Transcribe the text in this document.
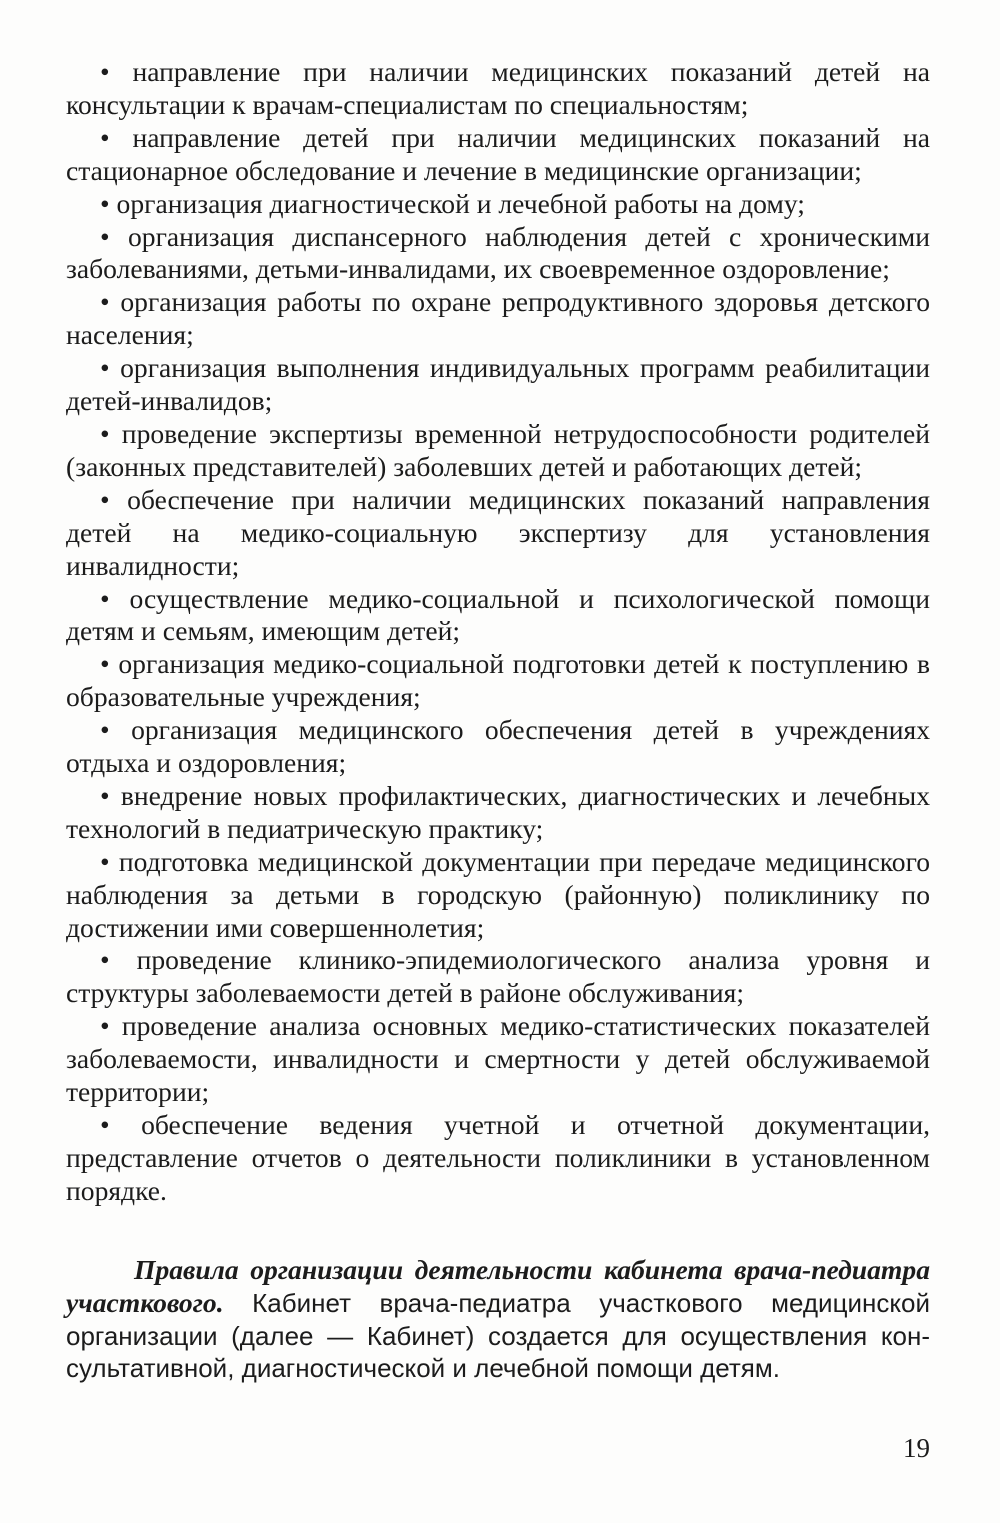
• направление при наличии медицинских показаний детей на консультации к врачам-специалистам по специальностям;

• направление детей при наличии медицинских показаний на стационарное обследование и лечение в медицинские организации;

• организация диагностической и лечебной работы на дому;

• организация диспансерного наблюдения детей с хроническими заболеваниями, детьми-инвалидами, их своевременное оздоровление;

• организация работы по охране репродуктивного здоровья детского населения;

• организация выполнения индивидуальных программ реабилитации детей-инвалидов;

• проведение экспертизы временной нетрудоспособности родителей (законных представителей) заболевших детей и работающих детей;

• обеспечение при наличии медицинских показаний направления детей на медико-социальную экспертизу для установления инвалидности;

• осуществление медико-социальной и психологической помощи детям и семьям, имеющим детей;

• организация медико-социальной подготовки детей к поступлению в образовательные учреждения;

• организация медицинского обеспечения детей в учреждениях отдыха и оздоровления;

• внедрение новых профилактических, диагностических и лечебных технологий в педиатрическую практику;

• подготовка медицинской документации при передаче медицинского наблюдения за детьми в городскую (районную) поликлинику по достижении ими совершеннолетия;

• проведение клинико-эпидемиологического анализа уровня и структуры заболеваемости детей в районе обслуживания;

• проведение анализа основных медико-статистических показателей заболеваемости, инвалидности и смертности у детей обслуживаемой территории;

• обеспечение ведения учетной и отчетной документации, представление отчетов о деятельности поликлиники в установленном порядке.

Правила организации деятельности кабинета врача-педиатра участкового. Кабинет врача-педиатра участкового медицинской организации (далее — Кабинет) создается для осуществления консультативной, диагностической и лечебной помощи детям.

19
